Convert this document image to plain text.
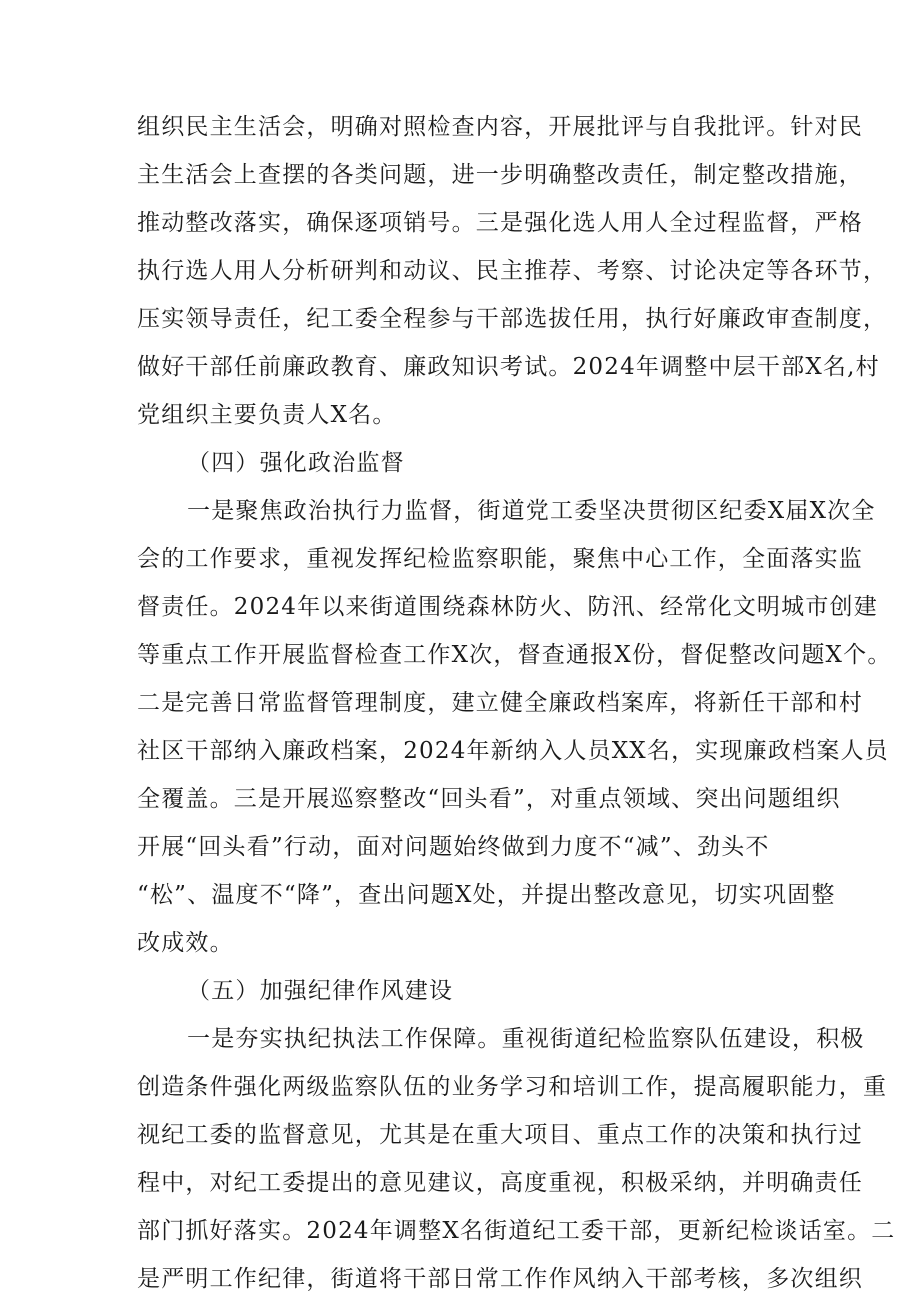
组织民主生活会，明确对照检查内容，开展批评与自我批评。针对民
主生活会上查摆的各类问题，进一步明确整改责任，制定整改措施，
推动整改落实，确保逐项销号。三是强化选人用人全过程监督，严格
执行选人用人分析研判和动议、民主推荐、考察、讨论决定等各环节，
压实领导责任，纪工委全程参与干部选拔任用，执行好廉政审查制度，
做好干部任前廉政教育、廉政知识考试。2024年调整中层干部X名,村
党组织主要负责人X名。
（四）强化政治监督
一是聚焦政治执行力监督，街道党工委坚决贯彻区纪委X届X次全
会的工作要求，重视发挥纪检监察职能，聚焦中心工作，全面落实监
督责任。2024年以来街道围绕森林防火、防汛、经常化文明城市创建
等重点工作开展监督检查工作X次，督查通报X份，督促整改问题X个。
二是完善日常监督管理制度，建立健全廉政档案库，将新任干部和村
社区干部纳入廉政档案，2024年新纳入人员XX名，实现廉政档案人员
全覆盖。三是开展巡察整改“回头看”，对重点领域、突出问题组织
开展“回头看”行动，面对问题始终做到力度不“减”、劲头不
“松”、温度不“降”，查出问题X处，并提出整改意见，切实巩固整
改成效。
（五）加强纪律作风建设
一是夯实执纪执法工作保障。重视街道纪检监察队伍建设，积极
创造条件强化两级监察队伍的业务学习和培训工作，提高履职能力，重
视纪工委的监督意见，尤其是在重大项目、重点工作的决策和执行过
程中，对纪工委提出的意见建议，高度重视，积极采纳，并明确责任
部门抓好落实。2024年调整X名街道纪工委干部，更新纪检谈话室。二
是严明工作纪律，街道将干部日常工作作风纳入干部考核，多次组织
